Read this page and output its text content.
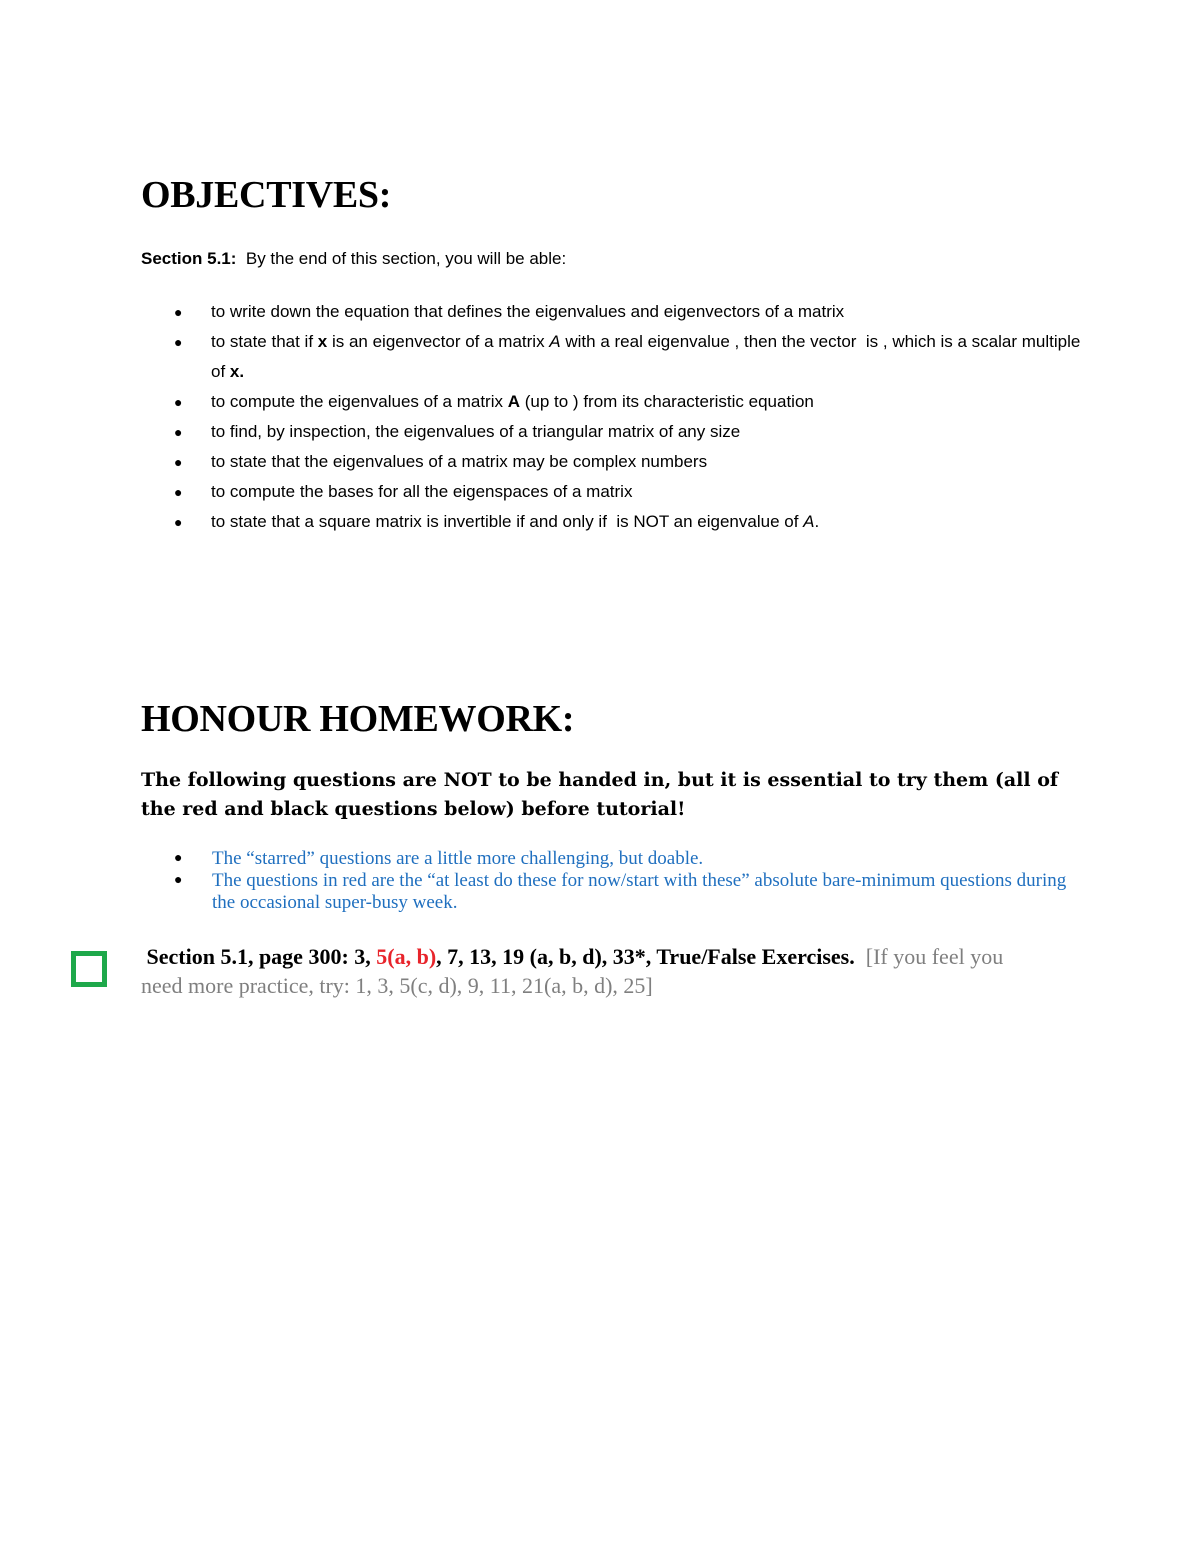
OBJECTIVES:
Section 5.1:  By the end of this section, you will be able:
● to write down the equation that defines the eigenvalues and eigenvectors of a matrix
● to state that if x is an eigenvector of a matrix A with a real eigenvalue , then the vector  is , which is a scalar multiple of x.
● to compute the eigenvalues of a matrix A (up to ) from its characteristic equation
● to find, by inspection, the eigenvalues of a triangular matrix of any size
● to state that the eigenvalues of a matrix may be complex numbers
● to compute the bases for all the eigenspaces of a matrix
● to state that a square matrix is invertible if and only if  is NOT an eigenvalue of A.
HONOUR HOMEWORK:
The following questions are NOT to be handed in, but it is essential to try them (all of the red and black questions below) before tutorial!
● The “starred” questions are a little more challenging, but doable.
● The questions in red are the “at least do these for now/start with these” absolute bare-minimum questions during the occasional super-busy week.
Section 5.1, page 300: 3, 5(a, b), 7, 13, 19 (a, b, d), 33*, True/False Exercises.  [If you feel you need more practice, try: 1, 3, 5(c, d), 9, 11, 21(a, b, d), 25]
